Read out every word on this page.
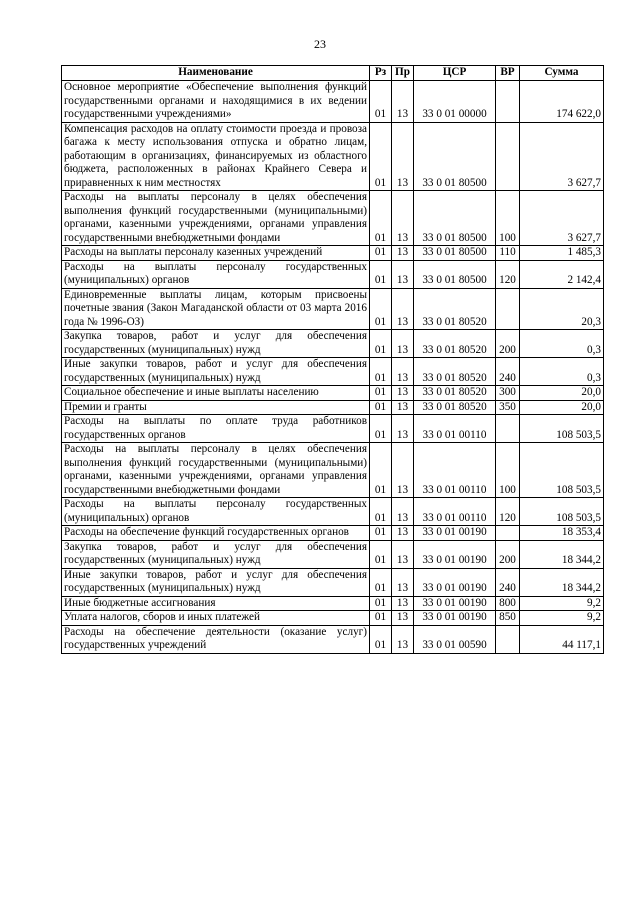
23
Наименование	Рз	Пр	ЦСР	ВР	Сумма
Основное мероприятие «Обеспечение выполнения функций государственными органами и находящимися в их ведении государственными учреждениями»	01	13	33 0 01 00000		174 622,0
Компенсация расходов на оплату стоимости проезда и провоза багажа к месту использования отпуска и обратно лицам, работающим в организациях, финансируемых из областного бюджета, расположенных в районах Крайнего Севера и приравненных к ним местностях	01	13	33 0 01 80500		3 627,7
Расходы на выплаты персоналу в целях обеспечения выполнения функций государственными (муниципальными) органами, казенными учреждениями, органами управления государственными внебюджетными фондами	01	13	33 0 01 80500	100	3 627,7
Расходы на выплаты персоналу казенных учреждений	01	13	33 0 01 80500	110	1 485,3
Расходы на выплаты персоналу государственных (муниципальных) органов	01	13	33 0 01 80500	120	2 142,4
Единовременные выплаты лицам, которым присвоены почетные звания (Закон Магаданской области от 03 марта 2016 года № 1996-ОЗ)	01	13	33 0 01 80520		20,3
Закупка товаров, работ и услуг для обеспечения государственных (муниципальных) нужд	01	13	33 0 01 80520	200	0,3
Иные закупки товаров, работ и услуг для обеспечения государственных (муниципальных) нужд	01	13	33 0 01 80520	240	0,3
Социальное обеспечение и иные выплаты населению	01	13	33 0 01 80520	300	20,0
Премии и гранты	01	13	33 0 01 80520	350	20,0
Расходы на выплаты по оплате труда работников государственных органов	01	13	33 0 01 00110		108 503,5
Расходы на выплаты персоналу в целях обеспечения выполнения функций государственными (муниципальными) органами, казенными учреждениями, органами управления государственными внебюджетными фондами	01	13	33 0 01 00110	100	108 503,5
Расходы на выплаты персоналу государственных (муниципальных) органов	01	13	33 0 01 00110	120	108 503,5
Расходы на обеспечение функций государственных органов	01	13	33 0 01 00190		18 353,4
Закупка товаров, работ и услуг для обеспечения государственных (муниципальных) нужд	01	13	33 0 01 00190	200	18 344,2
Иные закупки товаров, работ и услуг для обеспечения государственных (муниципальных) нужд	01	13	33 0 01 00190	240	18 344,2
Иные бюджетные ассигнования	01	13	33 0 01 00190	800	9,2
Уплата налогов, сборов и иных платежей	01	13	33 0 01 00190	850	9,2
Расходы на обеспечение деятельности (оказание услуг) государственных учреждений	01	13	33 0 01 00590		44 117,1
